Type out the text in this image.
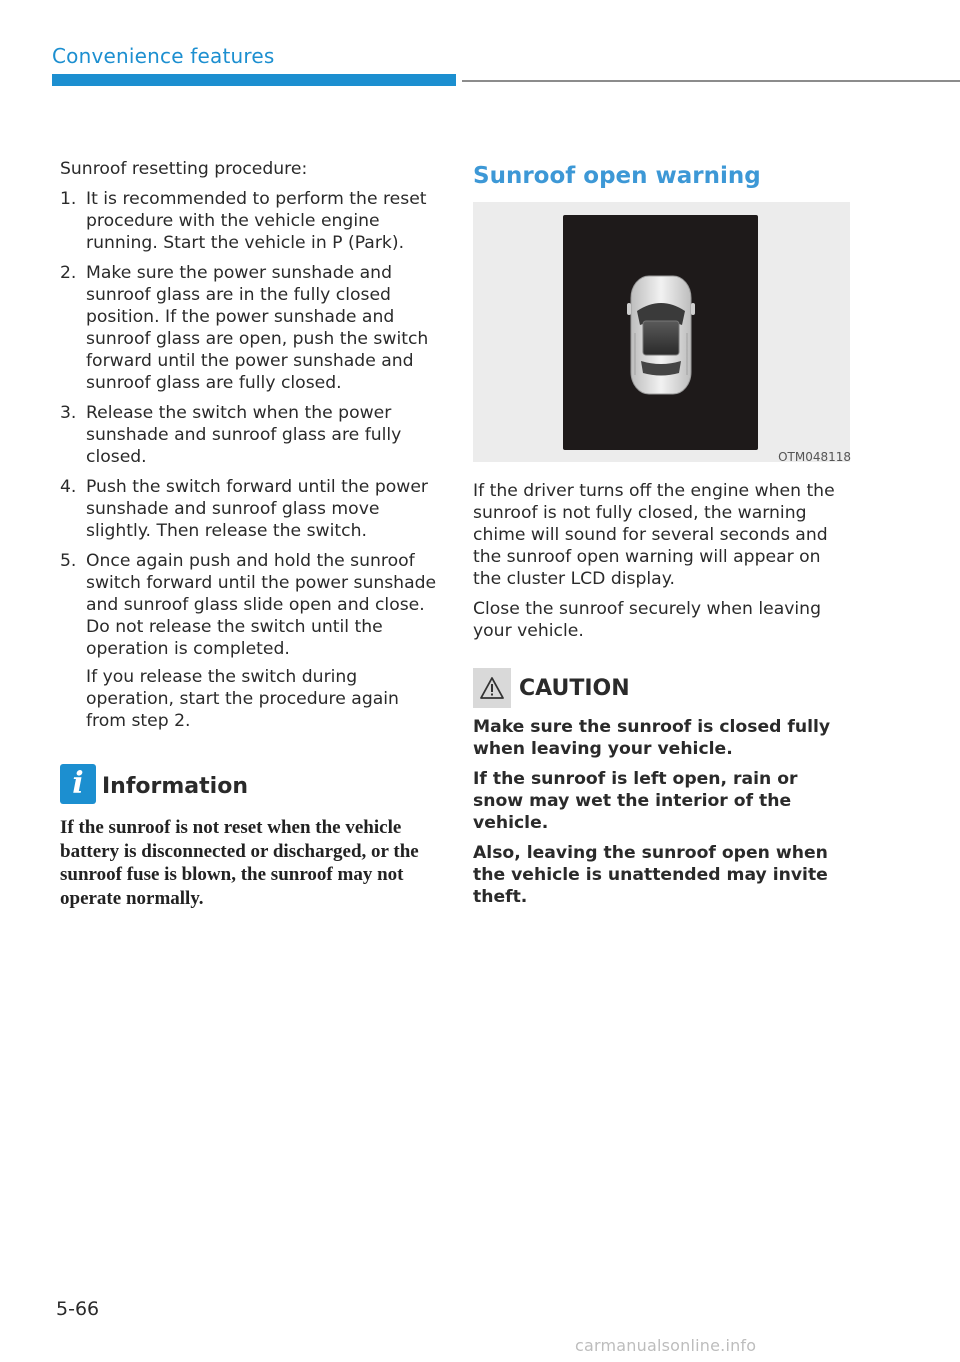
Convenience features

Sunroof resetting procedure:

1. It is recommended to perform the reset procedure with the vehicle engine running. Start the vehicle in P (Park).
2. Make sure the power sunshade and sunroof glass are in the fully closed position. If the power sunshade and sunroof glass are open, push the switch forward until the power sunshade and sunroof glass are fully closed.
3. Release the switch when the power sunshade and sunroof glass are fully closed.
4. Push the switch forward until the power sunshade and sunroof glass move slightly. Then release the switch.
5. Once again push and hold the sunroof switch forward until the power sunshade and sunroof glass slide open and close. Do not release the switch until the operation is completed.
If you release the switch during operation, start the procedure again from step 2.
i Information
If the sunroof is not reset when the vehicle battery is disconnected or discharged, or the sunroof fuse is blown, the sunroof may not operate normally.
Sunroof open warning
OTM048118

If the driver turns off the engine when the sunroof is not fully closed, the warning chime will sound for several seconds and the sunroof open warning will appear on the cluster LCD display.

Close the sunroof securely when leaving your vehicle.

CAUTION

Make sure the sunroof is closed fully when leaving your vehicle.

If the sunroof is left open, rain or snow may wet the interior of the vehicle.

Also, leaving the sunroof open when the vehicle is unattended may invite theft.

5-66
carmanualsonline.info
